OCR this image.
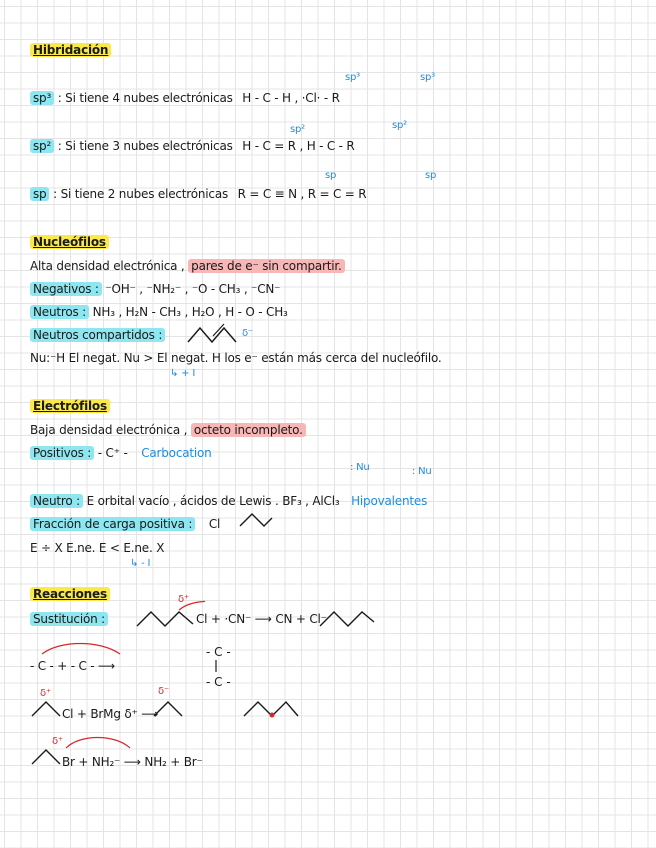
Hibridación
sp³ : Si tiene 4 nubes electrónicas H - C - H , ·Cl· - R
sp³	sp³
sp² : Si tiene 3 nubes electrónicas H - C = R , H - C - R
sp²	sp²
sp : Si tiene 2 nubes electrónicas R = C ≡ N , R = C = R
sp	sp
Nucleófilos
Alta densidad electrónica , pares de e⁻ sin compartir.
Negativos : ⁻OH⁻ , ⁻NH₂⁻ , ⁻O - CH₃ , ⁻CN⁻
Neutros : NH₃ , H₂N - CH₃ , H₂O , H - O - CH₃
Neutros compartidos :	δ⁻
Nu:⁻H El negat. Nu > El negat. H los e⁻ están más cerca del nucleófilo.
↳ + I
Electrófilos
Baja densidad electrónica , octeto incompleto.
Positivos : - C⁺ - Carbocation
: Nu	: Nu
Neutro : E orbital vacío , ácidos de Lewis . BF₃ , AlCl₃ Hipovalentes
Fracción de carga positiva : Cl
E ÷ X E.ne. E < E.ne. X
↳ - I
Reacciones
Sustitución :
δ⁺
Cl + ·CN⁻ ⟶ CN + Cl⁻
- C - + - C - ⟶
- C -
- C -
δ⁺	δ⁻
Cl + BrMg δ⁺ ⟶
δ⁺
Br + NH₂⁻ ⟶ NH₂ + Br⁻
